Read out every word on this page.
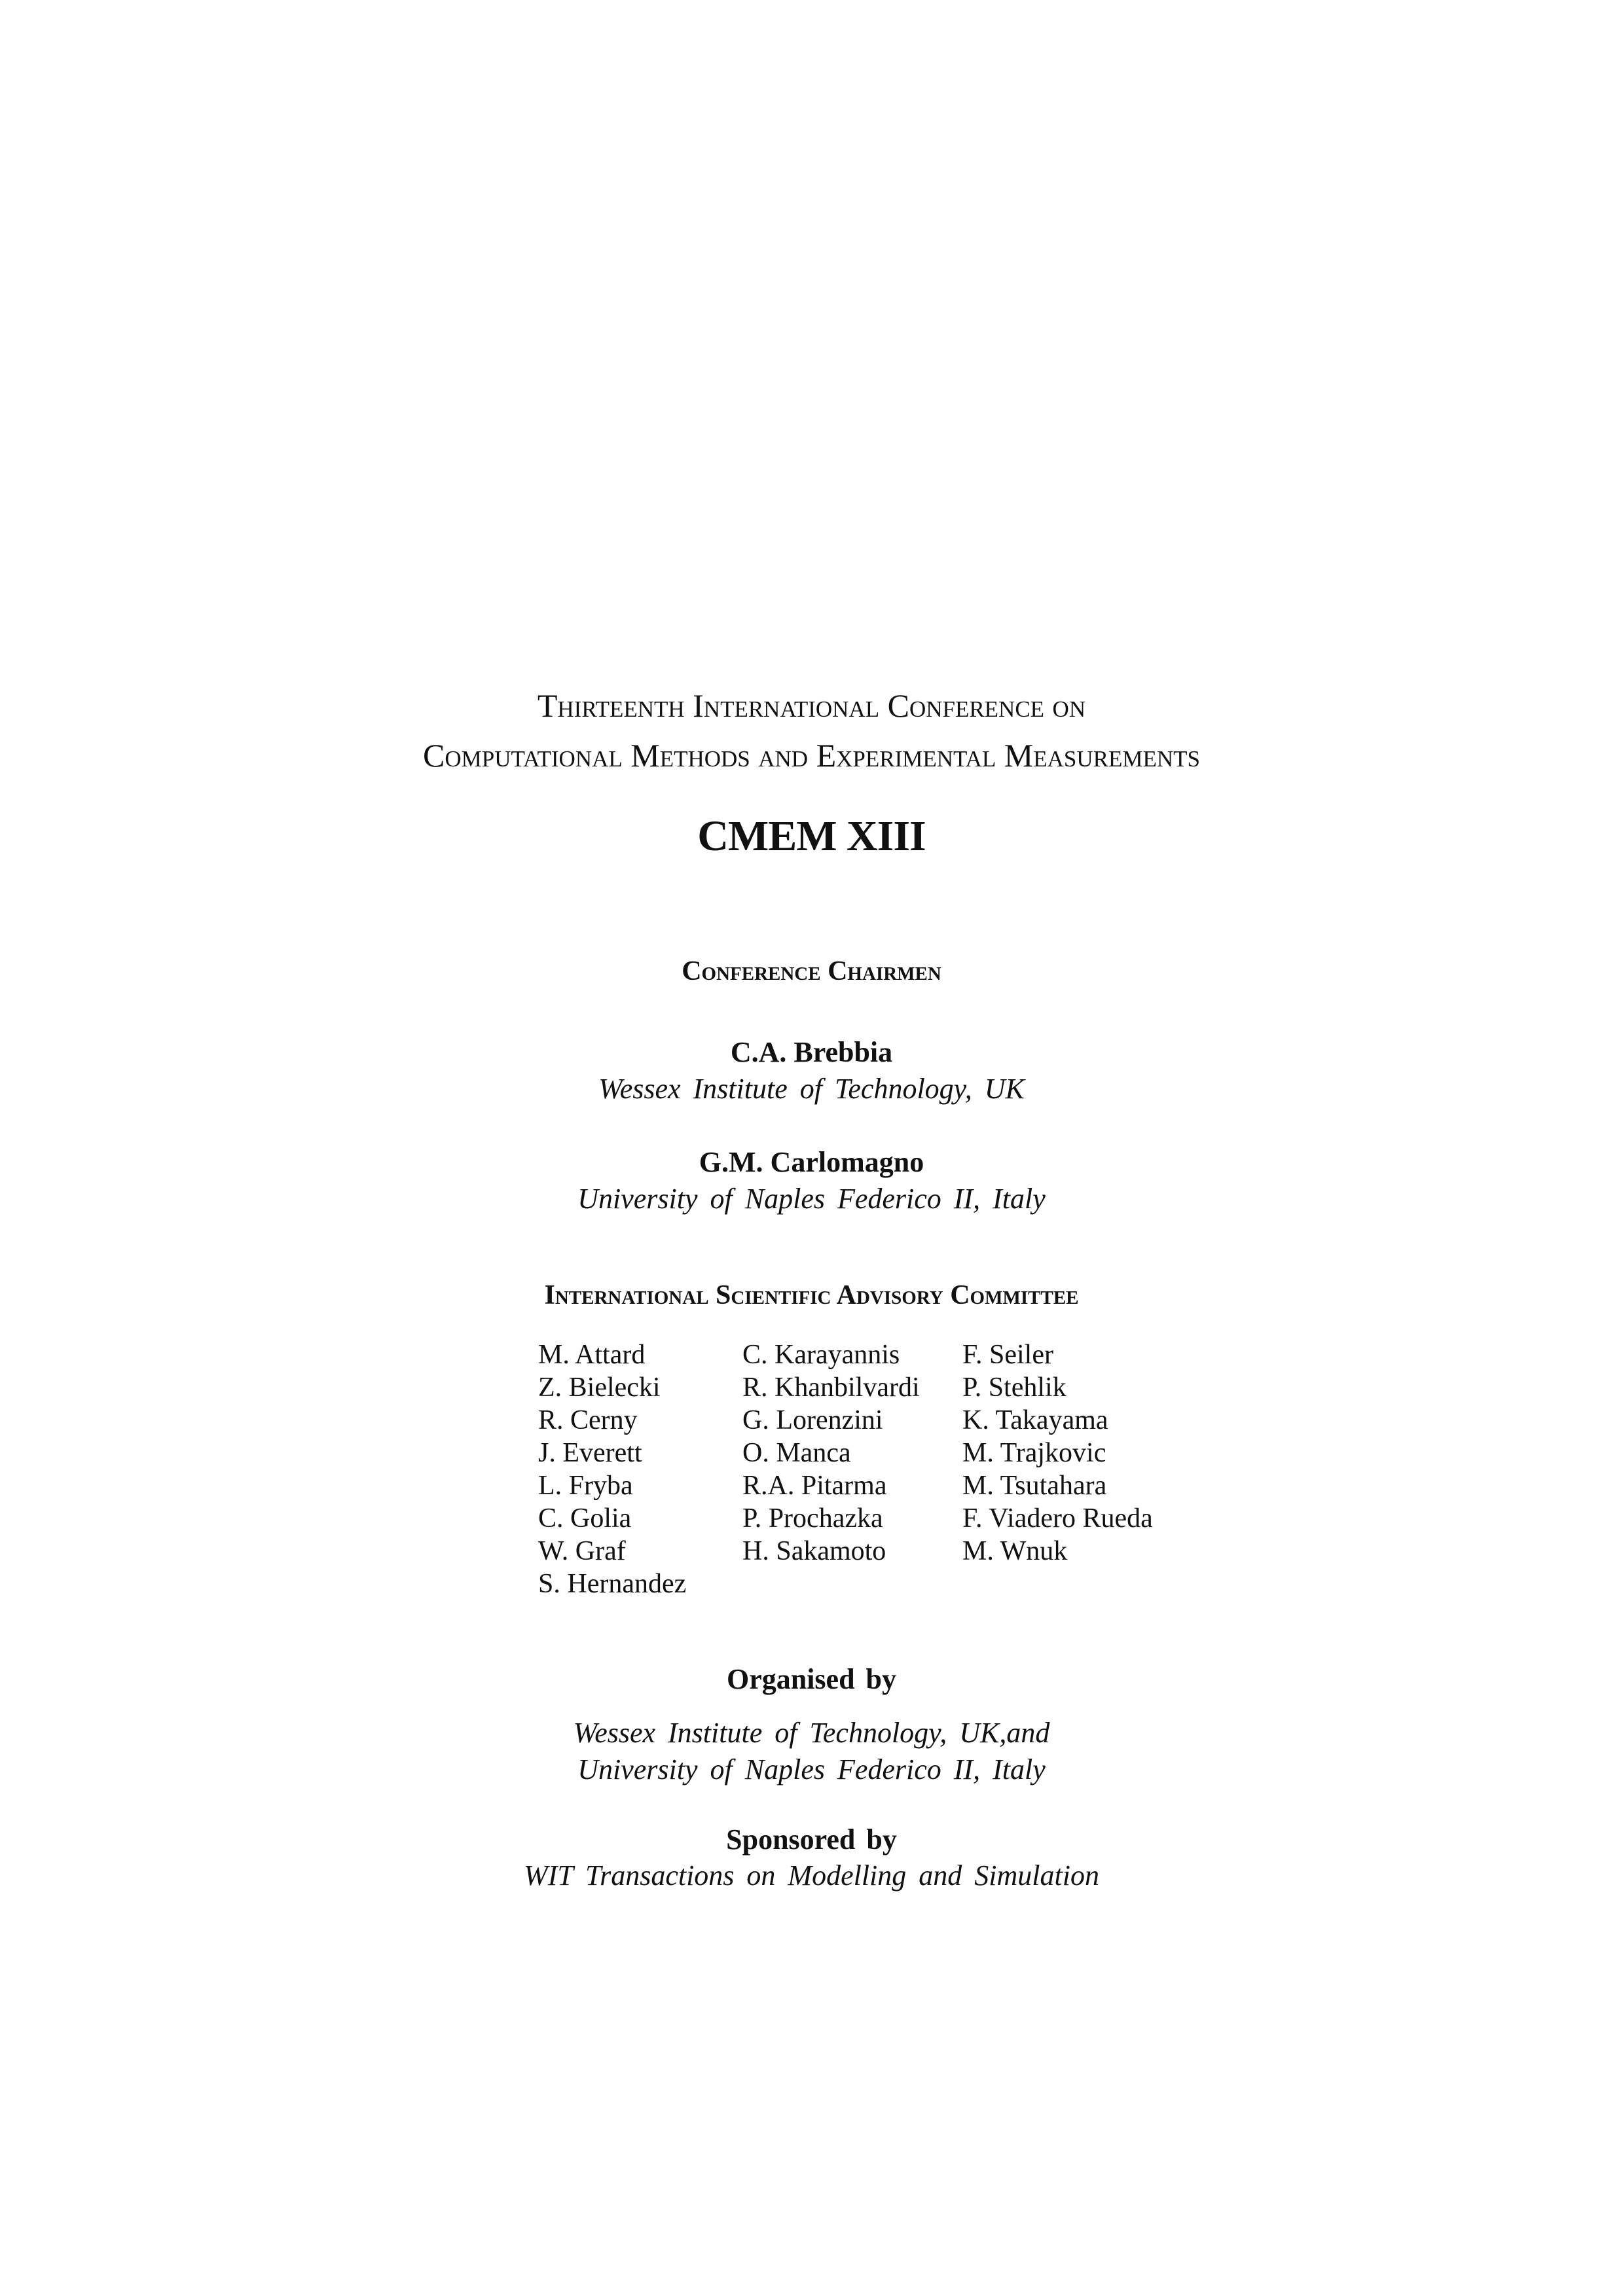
Thirteenth International Conference on
Computational Methods and Experimental Measurements
CMEM XIII
Conference Chairmen
C.A. Brebbia
Wessex Institute of Technology, UK
G.M. Carlomagno
University of Naples Federico II, Italy
International Scientific Advisory Committee
M. Attard
Z. Bielecki
R. Cerny
J. Everett
L. Fryba
C. Golia
W. Graf
S. Hernandez
C. Karayannis
R. Khanbilvardi
G. Lorenzini
O. Manca
R.A. Pitarma
P. Prochazka
H. Sakamoto
F. Seiler
P. Stehlik
K. Takayama
M. Trajkovic
M. Tsutahara
F. Viadero Rueda
M. Wnuk
Organised by
Wessex Institute of Technology, UK,and
University of Naples Federico II, Italy
Sponsored by
WIT Transactions on Modelling and Simulation
